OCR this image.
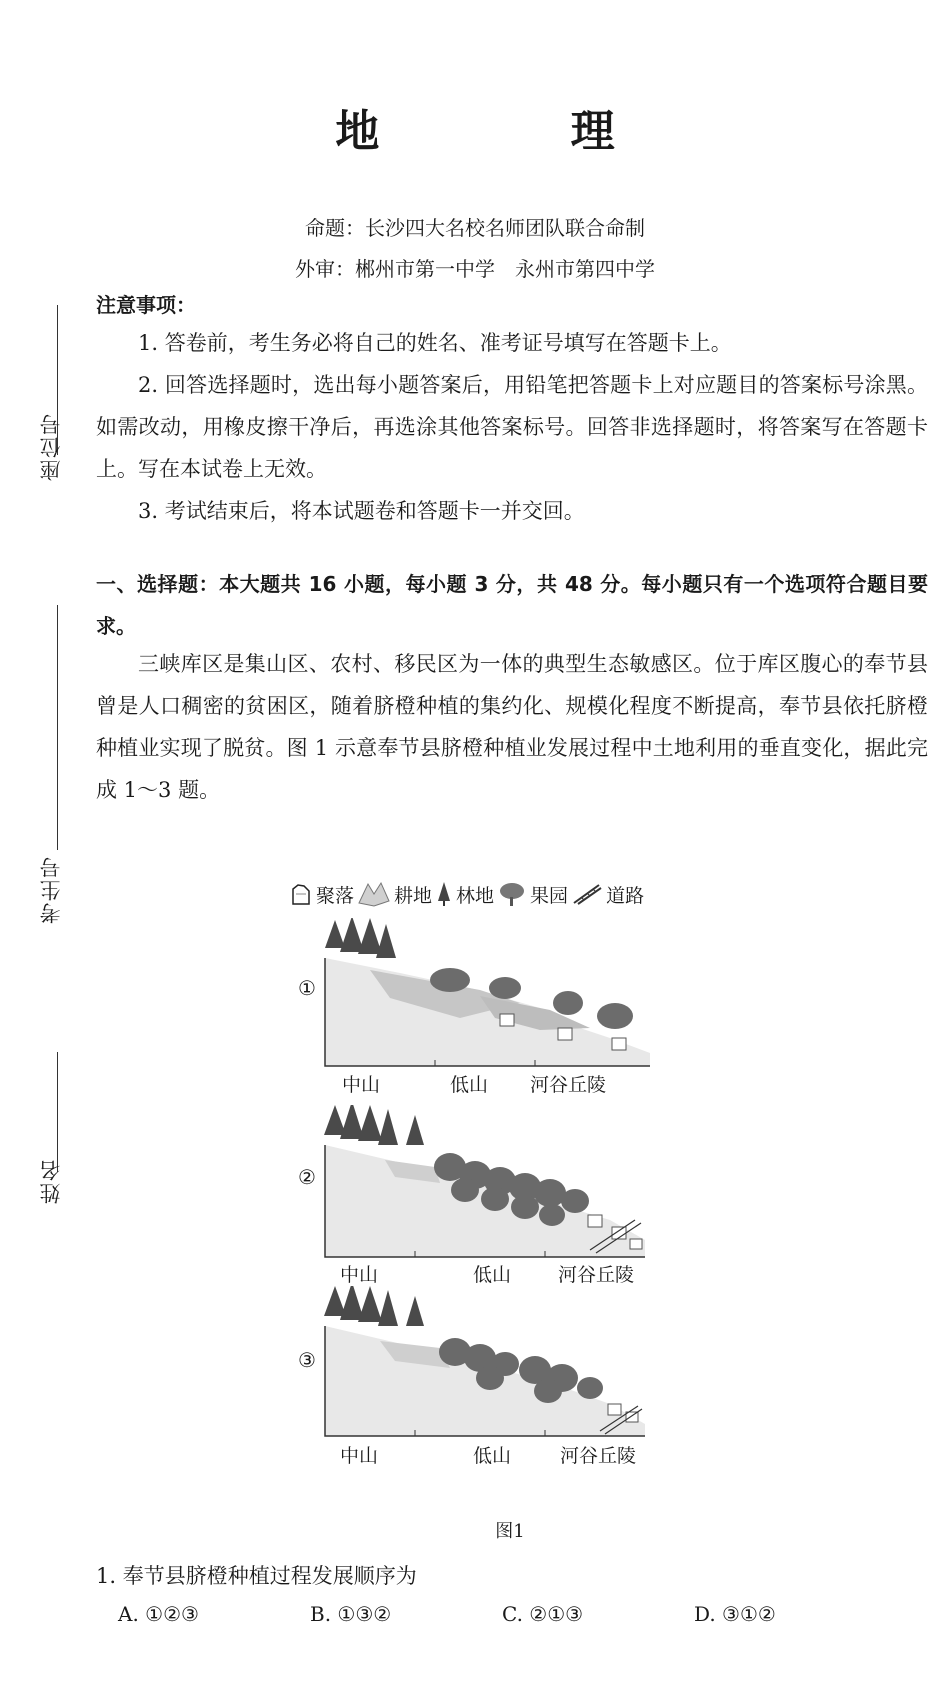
座位号
考生号
姓名
地 理
命题：长沙四大名校名师团队联合命制
外审：郴州市第一中学　永州市第四中学
注意事项：
1. 答卷前，考生务必将自己的姓名、准考证号填写在答题卡上。
2. 回答选择题时，选出每小题答案后，用铅笔把答题卡上对应题目的答案标号涂黑。如需改动，用橡皮擦干净后，再选涂其他答案标号。回答非选择题时，将答案写在答题卡上。写在本试卷上无效。
3. 考试结束后，将本试题卷和答题卡一并交回。
一、选择题：本大题共 16 小题，每小题 3 分，共 48 分。每小题只有一个选项符合题目要求。
三峡库区是集山区、农村、移民区为一体的典型生态敏感区。位于库区腹心的奉节县曾是人口稠密的贫困区，随着脐橙种植的集约化、规模化程度不断提高，奉节县依托脐橙种植业实现了脱贫。图 1 示意奉节县脐橙种植业发展过程中土地利用的垂直变化，据此完成 1～3 题。
聚落 耕地 林地 果园 道路
①
中山	低山 河谷丘陵
②
中山	低山 河谷丘陵
③
中山	低山	河谷丘陵
图1
1. 奉节县脐橙种植过程发展顺序为
A. ①②③	B. ①③②	C. ②①③	D. ③①②
